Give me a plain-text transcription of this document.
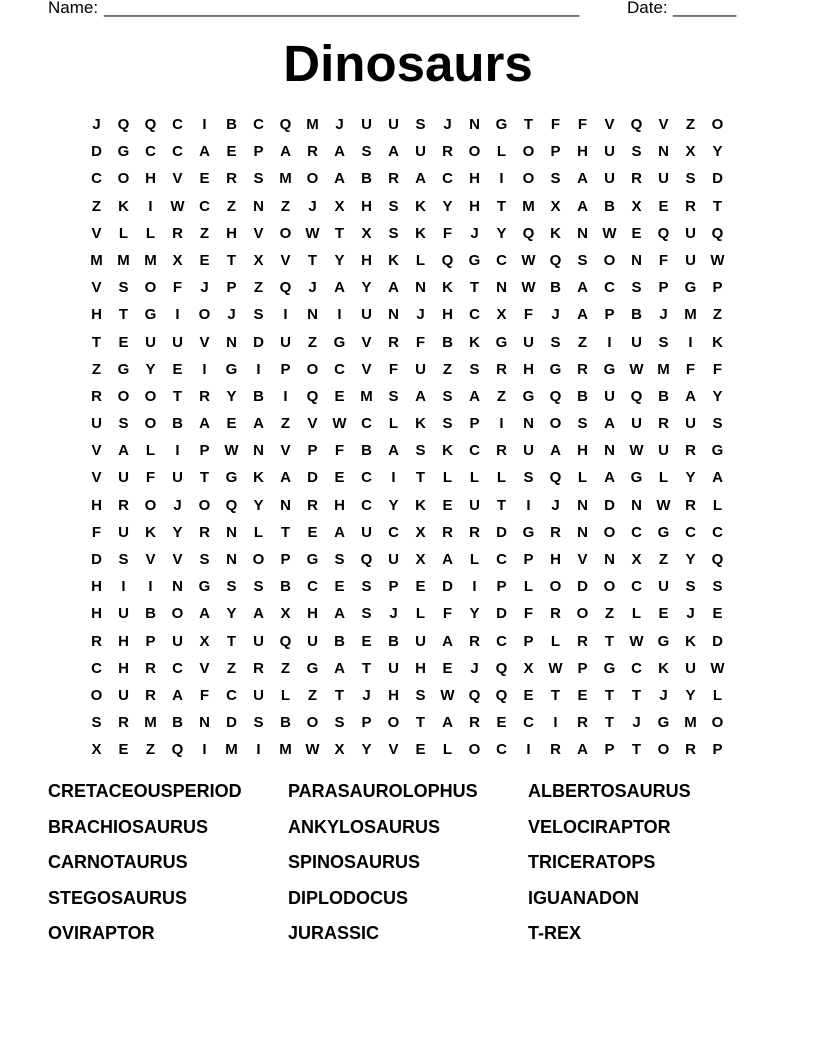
Name: _____________________________________________________	Date: _______
Dinosaurs
J	Q	Q	C	I	B	C	Q M	J	U	U	S	J	N	G	T	F	F	V	Q	V	Z	O
D	G	C	C	A	E	P	A	R	A	S	A	U	R	O	L	O	P	H	U	S	N	X	Y
C	O	H	V	E	R	S	M O	A	B	R	A	C	H	I	O	S	A	U	R	U	S	D
Z	K	I	W C	Z	N	Z	J	X	H	S	K	Y	H	T	M	X	A	B	X	E	R	T
V	L	L	R	Z	H	V	O W	T	X	S	K	F	J	Y	Q	K	N W E	Q	U	Q
M M M	X	E	T	X	V	T	Y	H	K	L	Q	G	C W Q	S	O	N	F	U W
V	S	O	F	J	P	Z	Q	J	A	Y	A	N	K	T	N W B	A	C	S	P	G	P
H	T	G	I	O	J	S	I	N	I	U	N	J	H	C	X	F	J	A	P	B	J	M	Z
T	E	U	U	V	N	D	U	Z	G	V	R	F	B	K	G	U	S	Z	I	U	S	I	K
Z	G	Y	E	I	G	I	P	O	C	V	F	U	Z	S	R	H	G	R	G W M	F	F
R	O	O	T	R	Y	B	I	Q	E	M	S	A	S	A	Z	G	Q	B	U	Q	B	A	Y
U	S	O	B	A	E	A	Z	V W C	L	K	S	P	I	N	O	S	A	U	R	U	S
V	A	L	I	P W N	V	P	F	B	A	S	K	C	R	U	A	H	N W U	R	G
V	U	F	U	T	G	K	A	D	E	C	I	T	L	L	L	S	Q	L	A	G	L	Y	A
H	R	O	J	O	Q	Y	N	R	H	C	Y	K	E	U	T	I	J	N	D	N W R	L
F	U	K	Y	R	N	L	T	E	A	U	C	X	R	R	D	G	R	N	O	C	G	C	C
D	S	V	V	S	N	O	P	G	S	Q	U	X	A	L	C	P	H	V	N	X	Z	Y	Q
H	I	I	N	G	S	S	B	C	E	S	P	E	D	I	P	L	O	D	O	C	U	S	S
H	U	B	O	A	Y	A	X	H	A	S	J	L	F	Y	D	F	R	O	Z	L	E	J	E
R	H	P	U	X	T	U	Q	U	B	E	B	U	A	R	C	P	L	R	T	W G	K	D
C	H	R	C	V	Z	R	Z	G	A	T	U	H	E	J	Q	X W P	G	C	K	U W
O	U	R	A	F	C	U	L	Z	T	J	H	S W Q	Q	E	T	E	T	T	J	Y	L
S	R	M	B	N	D	S	B	O	S	P	O	T	A	R	E	C	I	R	T	J	G M O
X	E	Z	Q	I	M	I	M W X	Y	V	E	L	O	C	I	R	A	P	T	O	R	P
CRETACEOUSPERIOD	PARASAUROLOPHUS	ALBERTOSAURUS
BRACHIOSAURUS	ANKYLOSAURUS	VELOCIRAPTOR
CARNOTAURUS	SPINOSAURUS	TRICERATOPS
STEGOSAURUS	DIPLODOCUS	IGUANADON
OVIRAPTOR	JURASSIC	T-REX
